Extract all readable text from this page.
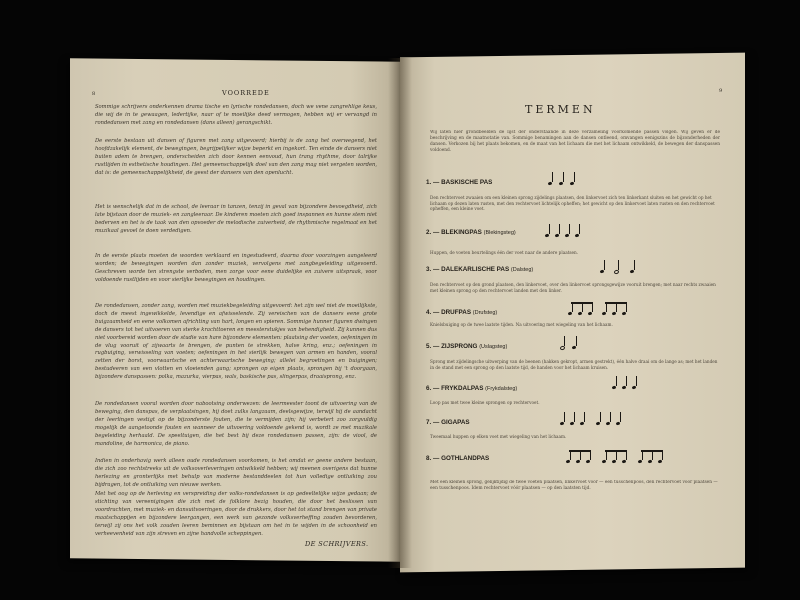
8	VOORREDE
Sommige schrijvers onderkennen drama tische en lyrische rondedansen, doch we vene zangrehlige keus, die wij de in te gewaagen, ledertijke, naar of te moeilijke deed vermogen, hebben wij er vervangd in rondedansen met zang en rondedansen (dans alleen) gerangschikt.
De eerste bestaan uit dansen of figuren met zang uitgevoerd; hierbij is de zang het overwegend, het hoofdzakelijk element, de bewegingen, begrijpelijker wijze beperkt en ingekort. Ten einde de dansers niet buiten adem te brengen, onderscheiden zich door kennen eenvoud, hun trang rhythme, door talrijke rustlijden in esthetische houdingen. Het gemeenschappelijk doel van den zang mag niet vergeten worden, dat is: de gemeenschappelijkheid, de geest der dansers van den openlucht.
Het is wenschelijk dat in de school, de leeraar in tanzen, tenzij in geval van bijzondere bevoegdheid, zich late bijstaan door de muziek- en zangleeraar. De kinderen moeten zich goed inspannen en hunne stem niet bederven en het is de taak van den opvoeder de melodische zuiverheid, de rhythmische regelmaat en het muzikaal gevoel te doen verdedigen.
In de eerste plaats moeten de woorden verklaard en ingestudeerd, daarna door voorzingen aangeleerd worden; de bewegingen worden dan zonder muziek, vervolgens met zangbegeleiding uitgevoerd. Geschreven worde ten strengste verboden, men zorge voor eene duidelijke en zuivere uitspraak, voor voldoende rustlijden en voor sierlijke bewegingen en houdingen.
De rondedansen, zonder zang, worden met muziekbegeleiding uitgevoerd: het zijn wel niet de moeilijkste, doch de meest ingewikkelde, levendige en afwisselende. Zij vereischen van de dansers eene grote buigzaamheid en eene volkomen africhting van hart, longen en spieren. Sommige hunner figuren dwingen de dansers tot het uitvoeren van sterke krachttoeren en meesterstukjes van behendigheid. Zij kunnen dus niet voorbereid worden door de studie van hare bijzondere elementen: plaatsing der voeten, oefeningen in de vlug vooruit of zijwaarts te brengen, de punten te strekken, halve kring, enz.; oefeningen in rugbuiging, verwisseling van voeten; oefeningen in het sierlijk bewegen van armen en handen, vooral zetten der borst, voorwaartsche en achterwaartsche beweging; allelei begroetingen en buigingen; bestudeeren van een vlotten en vloeienden gang; sprongen op eigen plaats, sprongen bij 't doorgaan, bijzondere danspassen: polka, mazurka, vierpas, wals, baskische pas, slingerpas, draaisprong, enz.
De rondedansen vooral worden door nabootsing onderwezen: de leermeester toont de uitvoering van de beweging, den danspas, de verplaatsingen, hij doet zulks langzaam, deelsgewijze, terwijl hij de aandacht der leerlingen vestigt op de bijzonderste fouten, die te vermijden zijn; hij verbetert zoo zorgvuldig mogelijk de aangetoonde fouten en wanneer de uitvoering voldoende gekend is, wordt ze met muzikale begeleiding herhaald. De speeltuigen, die het best bij deze rondedansen passen, zijn: de viool, de mandoline, de harmonica, de piano.
Indien in onderhavig werk alleen oude rondedansen voorkomen, is het omdat er geene andere bestaan, die zich zoo rechtstreeks uit de volksoverleveringen ontwikkeld hebben; wij meenen overigens dat hunne herlezing en gronterlijks met behulp van moderne bestanddeelen tot hun volledige ontluiking zou bijdragen, tot de ontluiking van nieuwe werken.
Met het oog op de herleving en verspreiding der volks-rondedansen is op gedeeltelijke wijze gedaan; de stichting van vereenigingen die zich met de folklore bezig houden, die door het beslissen van voordrachten, met muziek- en dansuitvoeringen, door de drukkers, door het tot stand brengen van private maatschappijen en bijzondere leergangen, een werk van gezonde volksverheffing zouden bevorderen, terwijl zij ons het volk zouden leeren beminnen en bijstaan om het in te wijden in de schoonheid en verheevenheid van zijn streven en zijne handvolle scheppingen.
DE SCHRIJVERS.
9
TERMEN
Wij laten hier grondbeelden de lijst der onderstaande in deze verzameling voorkomende passen volgen. Wij geven er de beschrijving en de maatnotatie van. Sommige benamingen aan de dansen ontleend, omvangen eenigszins de bijzonderheden der dansen. Verkozen bij het plaats bekomen, en de maat van het lichaam die met het lichaam ontwikkeld, de bewegen der danspassen voldoend.
1. — BASKISCHE PAS
Den rechtervoet zwaaien om een kleinen sprong zijdelings plaatsen, den linkervoet zich ten linkerkant sluiten en het gewicht op het lichaam op dezen laten rusten, met den rechtervoet lichtelijk opheffen; het gewicht op den linkervoet laten rusten en den rechtervoet opheffen, een kleine voet.
2. — BLEKINGPAS (Blekingsteg)
Huppen, de voeten beurtelings één der voet naar de andere plaatsen.
3. — DALEKARLISCHE PAS (Dalsteg)
Den rechtervoet op den grond plaatsen, den linkervoet, over den linkervoet sprongsgewijze vooruit brengen; met naar rechts zwaaien met kleinen sprong op den rechtervoet landen met den linker.
4. — DRUFPAS (Drufsteg)
Knielsbuiging op de twee laatste tijden. Na uitvoering met wiegeling van het lichaam.
5. — ZIJSPRONG (Uslagsteg)
Sprong met zijdelingsche uitwerping van de beenen (hakken gekropt, armen gestrekt), één halve draai om de lange as; met het landen in de stand met een sprong op den laatste tijd, de handen voor het lichaam kruisen.
6. — FRYKDALPAS (Frykdalsteg)
Loop pas met twee kleine sprongen op rechtervoet.
7. — GIGAPAS
Tweemaal huppen op elken voet met wiegeling van het lichaam.
8. — GOTHLANDPAS
Met een kleinen sprong, gelijktijdig de twee voeten plaatsen, linkervoet vóór — een tusschenpoos, den rechtervoet vóór plaatsen — een tusschenpoos. Idem rechtervoet vóór plaatsen — op den laatsten tijd.
